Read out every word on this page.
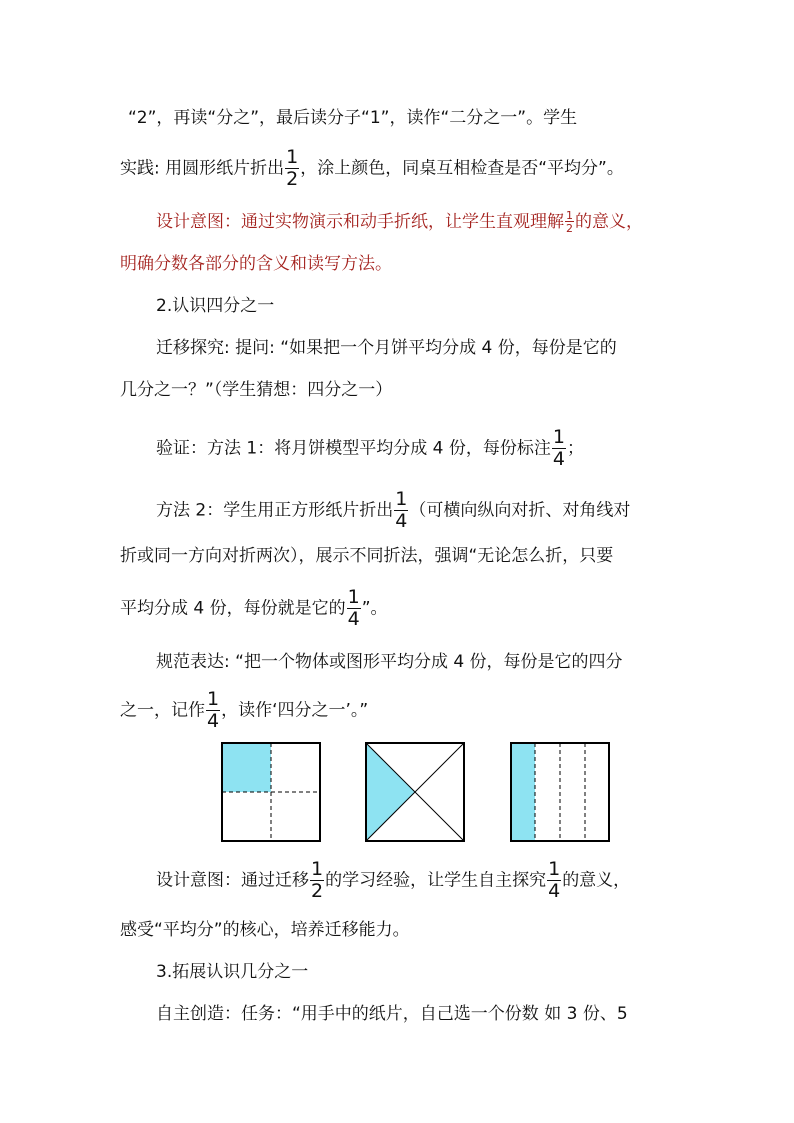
“2”，再读“分之”，最后读分子“1”，读作“二分之一”。学生
实践: 用圆形纸片折出 $\frac{1}{2}$ ，涂上颜色，同桌互相检查是否“平均分”。
设计意图：通过实物演示和动手折纸，让学生直观理解 $\frac{1}{2}$ 的意义，
明确分数各部分的含义和读写方法。
2.认识四分之一
迁移探究: 提问: “如果把一个月饼平均分成 4 份，每份是它的
几分之一？”（学生猜想：四分之一）
验证：方法 1：将月饼模型平均分成 4 份，每份标注 $\frac{1}{4}$ ；
方法 2：学生用正方形纸片折出 $\frac{1}{4}$ （可横向纵向对折、对角线对
折或同一方向对折两次），展示不同折法，强调“无论怎么折，只要
平均分成 4 份，每份就是它的 $\frac{1}{4}$ ”。
规范表达: “把一个物体或图形平均分成 4 份，每份是它的四分
之一，记作 $\frac{1}{4}$ ，读作‘四分之一’。”
设计意图：通过迁移 $\frac{1}{2}$ 的学习经验，让学生自主探究 $\frac{1}{4}$ 的意义，
感受“平均分”的核心，培养迁移能力。
3.拓展认识几分之一
自主创造：任务：“用手中的纸片，自己选一个份数 如 3 份、5
